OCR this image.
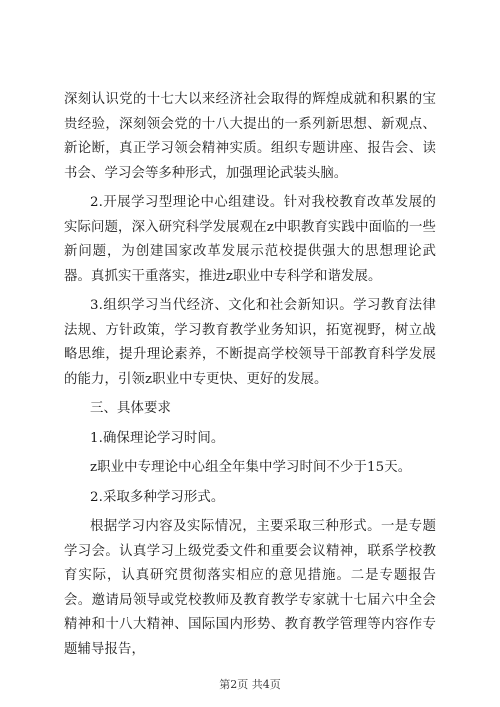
深刻认识党的十七大以来经济社会取得的辉煌成就和积累的宝贵经验，深刻领会党的十八大提出的一系列新思想、新观点、新论断，真正学习领会精神实质。组织专题讲座、报告会、读书会、学习会等多种形式，加强理论武装头脑。

2.开展学习型理论中心组建设。针对我校教育改革发展的实际问题，深入研究科学发展观在z中职教育实践中面临的一些新问题，为创建国家改革发展示范校提供强大的思想理论武器。真抓实干重落实，推进z职业中专科学和谐发展。

3.组织学习当代经济、文化和社会新知识。学习教育法律法规、方针政策，学习教育教学业务知识，拓宽视野，树立战略思维，提升理论素养，不断提高学校领导干部教育科学发展的能力，引领z职业中专更快、更好的发展。

三、具体要求

1.确保理论学习时间。

z职业中专理论中心组全年集中学习时间不少于15天。

2.采取多种学习形式。

根据学习内容及实际情况，主要采取三种形式。一是专题学习会。认真学习上级党委文件和重要会议精神，联系学校教育实际，认真研究贯彻落实相应的意见措施。二是专题报告会。邀请局领导或党校教师及教育教学专家就十七届六中全会精神和十八大精神、国际国内形势、教育教学管理等内容作专题辅导报告，

第2页 共4页
